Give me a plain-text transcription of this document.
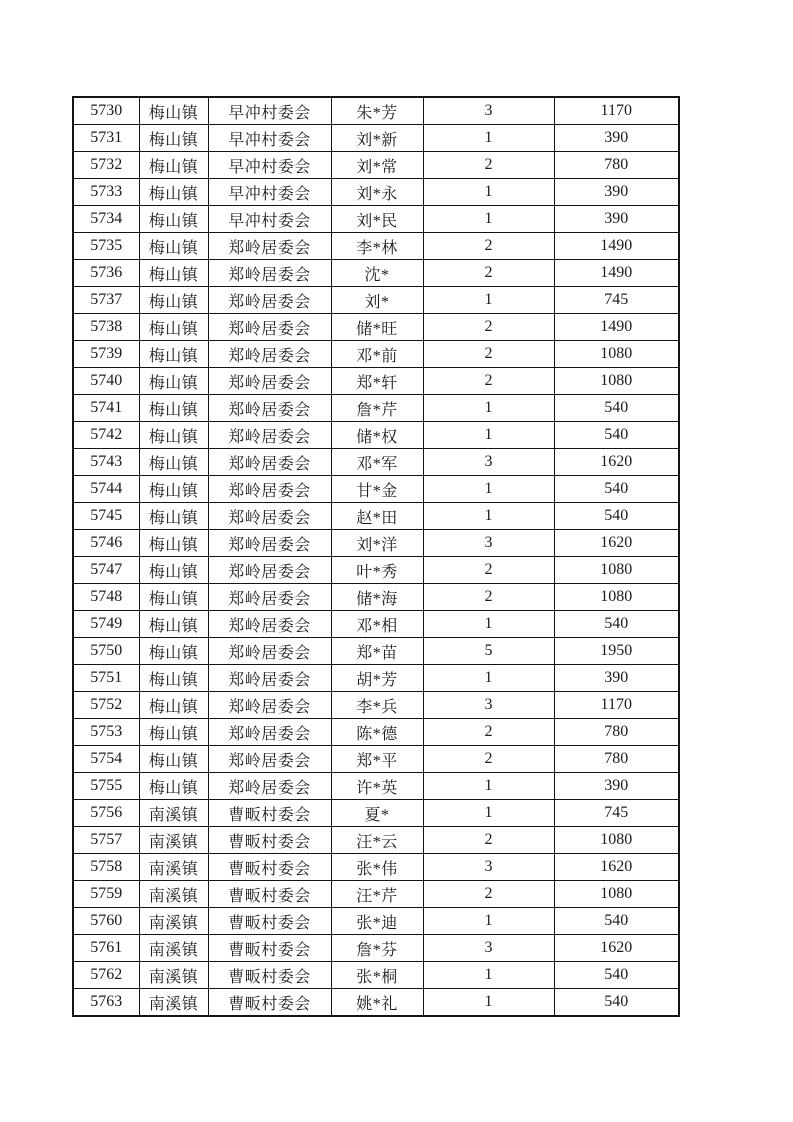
5730	梅山镇	早冲村委会	朱*芳	3	1170
5731	梅山镇	早冲村委会	刘*新	1	390
5732	梅山镇	早冲村委会	刘*常	2	780
5733	梅山镇	早冲村委会	刘*永	1	390
5734	梅山镇	早冲村委会	刘*民	1	390
5735	梅山镇	郑岭居委会	李*林	2	1490
5736	梅山镇	郑岭居委会	沈*	2	1490
5737	梅山镇	郑岭居委会	刘*	1	745
5738	梅山镇	郑岭居委会	储*旺	2	1490
5739	梅山镇	郑岭居委会	邓*前	2	1080
5740	梅山镇	郑岭居委会	郑*轩	2	1080
5741	梅山镇	郑岭居委会	詹*芹	1	540
5742	梅山镇	郑岭居委会	储*权	1	540
5743	梅山镇	郑岭居委会	邓*军	3	1620
5744	梅山镇	郑岭居委会	甘*金	1	540
5745	梅山镇	郑岭居委会	赵*田	1	540
5746	梅山镇	郑岭居委会	刘*洋	3	1620
5747	梅山镇	郑岭居委会	叶*秀	2	1080
5748	梅山镇	郑岭居委会	储*海	2	1080
5749	梅山镇	郑岭居委会	邓*相	1	540
5750	梅山镇	郑岭居委会	郑*苗	5	1950
5751	梅山镇	郑岭居委会	胡*芳	1	390
5752	梅山镇	郑岭居委会	李*兵	3	1170
5753	梅山镇	郑岭居委会	陈*德	2	780
5754	梅山镇	郑岭居委会	郑*平	2	780
5755	梅山镇	郑岭居委会	许*英	1	390
5756	南溪镇	曹畈村委会	夏*	1	745
5757	南溪镇	曹畈村委会	汪*云	2	1080
5758	南溪镇	曹畈村委会	张*伟	3	1620
5759	南溪镇	曹畈村委会	汪*芹	2	1080
5760	南溪镇	曹畈村委会	张*迪	1	540
5761	南溪镇	曹畈村委会	詹*芬	3	1620
5762	南溪镇	曹畈村委会	张*桐	1	540
5763	南溪镇	曹畈村委会	姚*礼	1	540
